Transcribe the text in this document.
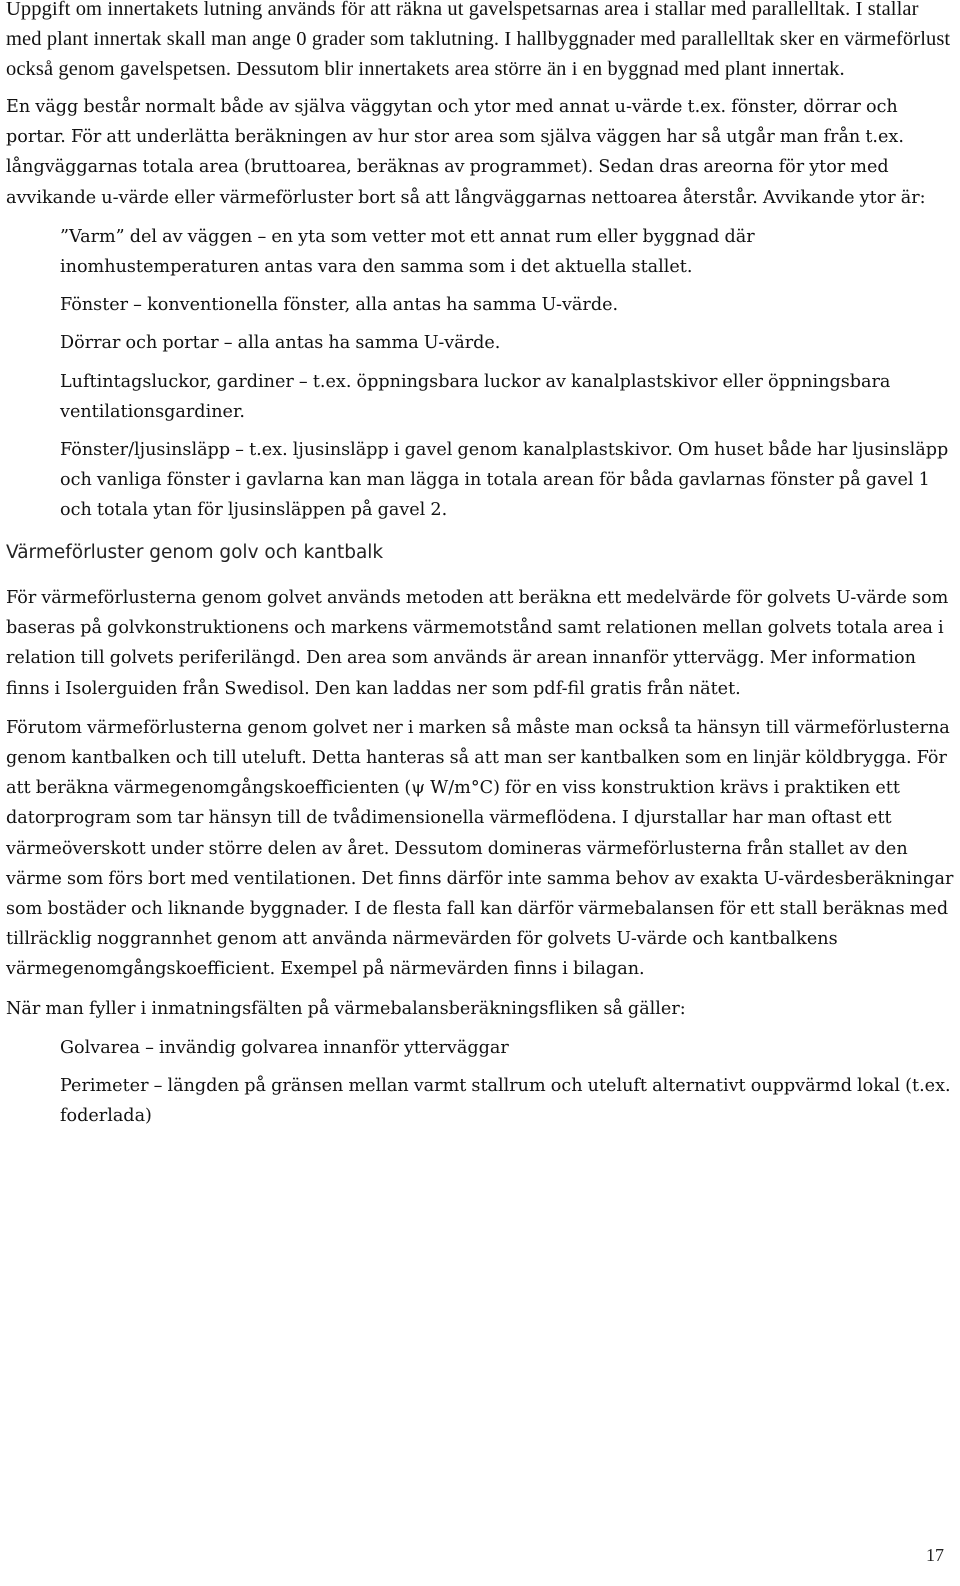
Uppgift om innertakets lutning används för att räkna ut gavelspetsarnas area i stallar med parallelltak. I stallar med plant innertak skall man ange 0 grader som taklutning. I hallbyggnader med parallelltak sker en värmeförlust också genom gavelspetsen. Dessutom blir innertakets area större än i en byggnad med plant innertak.

En vägg består normalt både av själva väggytan och ytor med annat u-värde t.ex. fönster, dörrar och portar. För att underlätta beräkningen av hur stor area som själva väggen har så utgår man från t.ex. långväggarnas totala area (bruttoarea, beräknas av programmet). Sedan dras areorna för ytor med avvikande u-värde eller värmeförluster bort så att långväggarnas nettoarea återstår. Avvikande ytor är:

”Varm” del av väggen – en yta som vetter mot ett annat rum eller byggnad där inomhustemperaturen antas vara den samma som i det aktuella stallet.

Fönster – konventionella fönster, alla antas ha samma U-värde.

Dörrar och portar – alla antas ha samma U-värde.

Luftintagsluckor, gardiner – t.ex. öppningsbara luckor av kanalplastskivor eller öppningsbara ventilationsgardiner.

Fönster/ljusinsläpp – t.ex. ljusinsläpp i gavel genom kanalplastskivor. Om huset både har ljusinsläpp och vanliga fönster i gavlarna kan man lägga in totala arean för båda gavlarnas fönster på gavel 1 och totala ytan för ljusinsläppen på gavel 2.

Värmeförluster genom golv och kantbalk

För värmeförlusterna genom golvet används metoden att beräkna ett medelvärde för golvets U-värde som baseras på golvkonstruktionens och markens värmemotstånd samt relationen mellan golvets totala area i relation till golvets periferilängd. Den area som används är arean innanför yttervägg. Mer information finns i Isolerguiden från Swedisol. Den kan laddas ner som pdf-fil gratis från nätet.

Förutom värmeförlusterna genom golvet ner i marken så måste man också ta hänsyn till värmeförlusterna genom kantbalken och till uteluft. Detta hanteras så att man ser kantbalken som en linjär köldbrygga. För att beräkna värmegenomgångskoefficienten (ψ W/m°C) för en viss konstruktion krävs i praktiken ett datorprogram som tar hänsyn till de tvådimensionella värmeflödena. I djurstallar har man oftast ett värmeöverskott under större delen av året. Dessutom domineras värmeförlusterna från stallet av den värme som förs bort med ventilationen. Det finns därför inte samma behov av exakta U-värdesberäkningar som bostäder och liknande byggnader. I de flesta fall kan därför värmebalansen för ett stall beräknas med tillräcklig noggrannhet genom att använda närmevärden för golvets U-värde och kantbalkens värmegenomgångskoefficient. Exempel på närmevärden finns i bilagan.

När man fyller i inmatningsfälten på värmebalansberäkningsfliken så gäller:

Golvarea – invändig golvarea innanför ytterväggar

Perimeter – längden på gränsen mellan varmt stallrum och uteluft alternativt ouppvärmd lokal (t.ex. foderlada)

17
